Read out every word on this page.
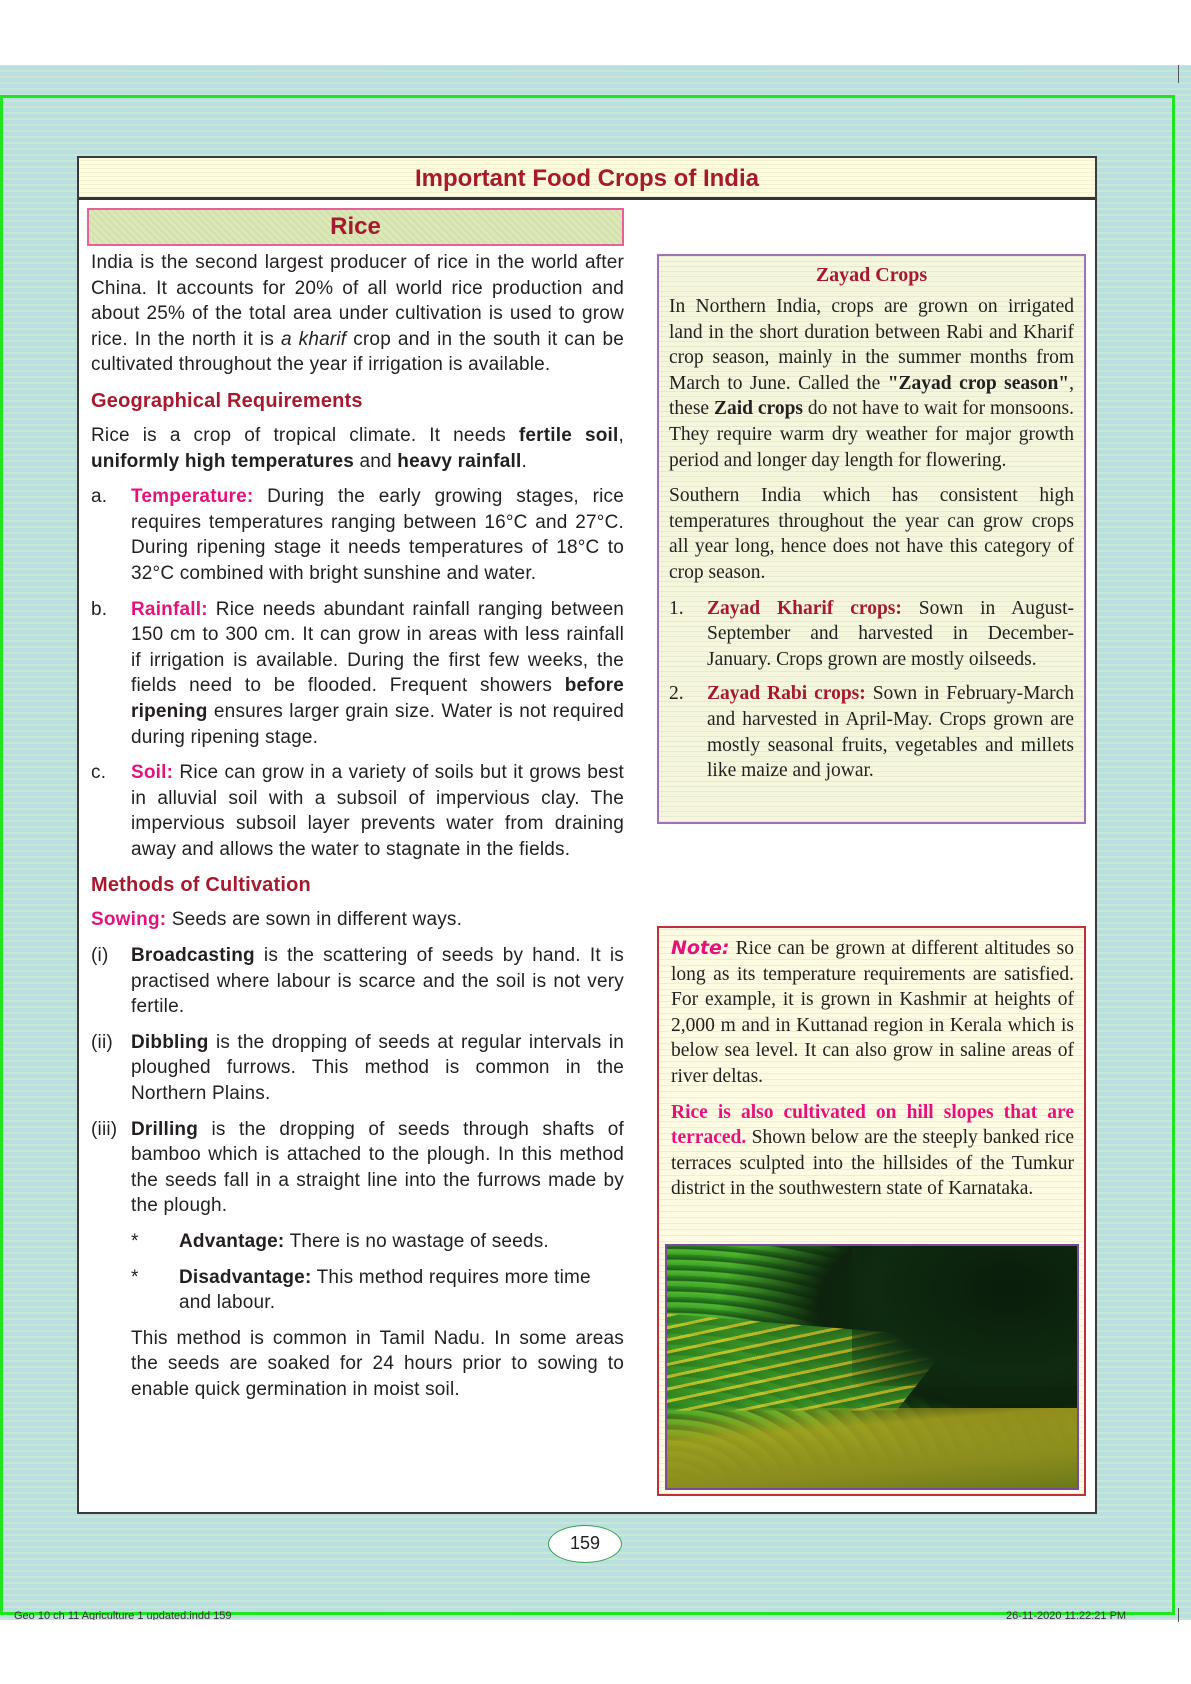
Important Food Crops of India
Rice

India is the second largest producer of rice in the world after China. It accounts for 20% of all world rice production and about 25% of the total area under cultivation is used to grow rice. In the north it is a kharif crop and in the south it can be cultivated throughout the year if irrigation is available.

Geographical Requirements

Rice is a crop of tropical climate. It needs fertile soil, uniformly high temperatures and heavy rainfall.

a.	Temperature: During the early growing stages, rice requires temperatures ranging between 16°C and 27°C. During ripening stage it needs temperatures of 18°C to 32°C combined with bright sunshine and water.
b.	Rainfall: Rice needs abundant rainfall ranging between 150 cm to 300 cm. It can grow in areas with less rainfall if irrigation is available. During the first few weeks, the fields need to be flooded. Frequent showers before ripening ensures larger grain size. Water is not required during ripening stage.
c.	Soil: Rice can grow in a variety of soils but it grows best in alluvial soil with a subsoil of impervious clay. The impervious subsoil layer prevents water from draining away and allows the water to stagnate in the fields.
Methods of Cultivation

Sowing: Seeds are sown in different ways.

(i)	Broadcasting is the scattering of seeds by hand. It is practised where labour is scarce and the soil is not very fertile.
(ii) Dibbling is the dropping of seeds at regular intervals in ploughed furrows. This method is common in the Northern Plains.
(iii) Drilling is the dropping of seeds through shafts of bamboo which is attached to the plough. In this method the seeds fall in a straight line into the furrows made by the plough.
*	Advantage: There is no wastage of seeds.
*	Disadvantage: This method requires more time and labour.

This method is common in Tamil Nadu. In some areas the seeds are soaked for 24 hours prior to sowing to enable quick germination in moist soil.

Zayad Crops

In Northern India, crops are grown on irrigated land in the short duration between Rabi and Kharif crop season, mainly in the summer months from March to June. Called the "Zayad crop season", these Zaid crops do not have to wait for monsoons. They require warm dry weather for major growth period and longer day length for flowering.

Southern India which has consistent high temperatures throughout the year can grow crops all year long, hence does not have this category of crop season.

1.	Zayad Kharif crops: Sown in August-September and harvested in December-January. Crops grown are mostly oilseeds.
2.	Zayad Rabi crops: Sown in February-March and harvested in April-May. Crops grown are mostly seasonal fruits, vegetables and millets like maize and jowar.

Note: Rice can be grown at different altitudes so long as its temperature requirements are satisfied. For example, it is grown in Kashmir at heights of 2,000 m and in Kuttanad region in Kerala which is below sea level. It can also grow in saline areas of river deltas.

Rice is also cultivated on hill slopes that are terraced. Shown below are the steeply banked rice terraces sculpted into the hillsides of the Tumkur district in the southwestern state of Karnataka.

159
Geo 10 ch 11 Agriculture 1 updated.indd 159	26-11-2020 11:22:21 PM
